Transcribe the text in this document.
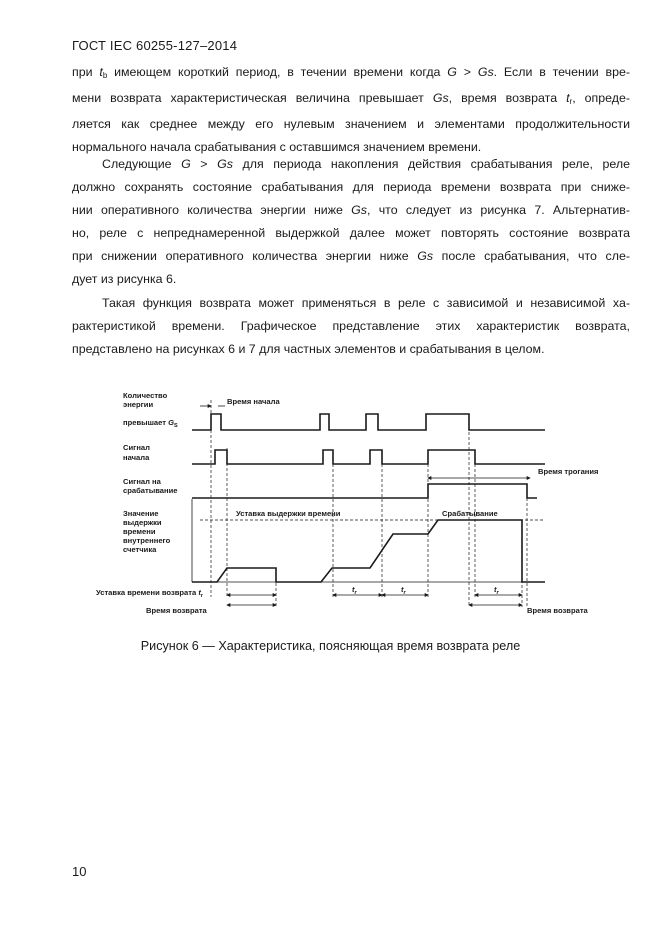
ГОСТ IEC 60255-127–2014
при $t_b$ имеющем короткий период, в течении времени когда G > Gs. Если в течении вре-
мени возврата характеристическая величина превышает Gs, время возврата $t_r$, опреде-
ляется как среднее между его нулевым значением и элементами продолжительности
нормального начала срабатывания с оставшимся значением времени.
Следующие G > Gs для периода накопления действия срабатывания реле, реле
должно сохранять состояние срабатывания для периода времени возврата при сниже-
нии оперативного количества энергии ниже Gs, что следует из рисунка 7. Альтернатив-
но, реле с непреднамеренной выдержкой далее может повторять состояние возврата
при снижении оперативного количества энергии ниже Gs после срабатывания, что сле-
дует из рисунка 6.
Такая функция возврата может применяться в реле с зависимой и независимой ха-
рактеристикой времени. Графическое представление этих характеристик возврата,
представлено на рисунках 6 и 7 для частных элементов и срабатывания в целом.
Количество
энергии
превышает $G_S$
Сигнал
начала
Сигнал на
срабатывание
Значение
выдержки
времени
внутреннего
счетчика
Уставка времени возврата $t_r$
Время возврата
Время начала
Уставка выдержки времени	Срабатывание
Время трогания
Время возврата
$t_r$	$t_r$	$t_r$
Рисунок 6 — Характеристика, поясняющая время возврата реле
10
